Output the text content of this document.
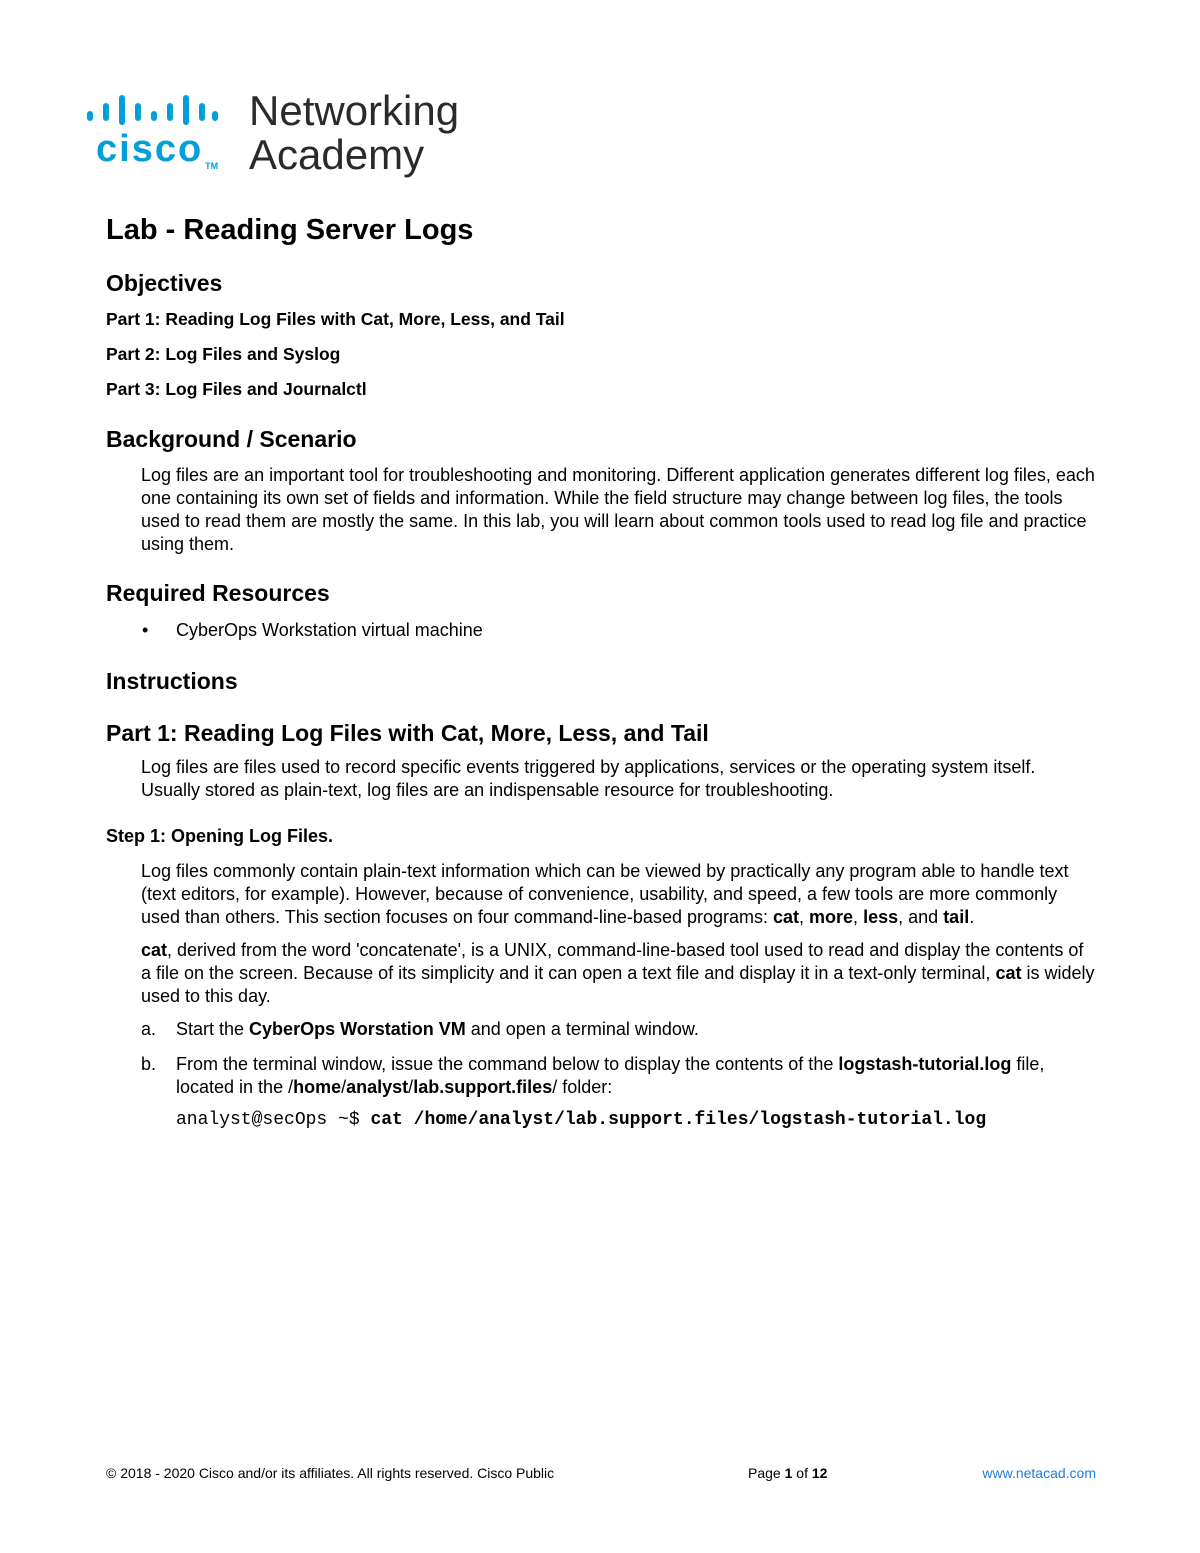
cisco TM
Networking
Academy
Lab - Reading Server Logs
Objectives

Part 1: Reading Log Files with Cat, More, Less, and Tail

Part 2: Log Files and Syslog

Part 3: Log Files and Journalctl

Background / Scenario

Log files are an important tool for troubleshooting and monitoring. Different application generates different log files, each one containing its own set of fields and information. While the field structure may change between log files, the tools used to read them are mostly the same. In this lab, you will learn about common tools used to read log file and practice using them.

Required Resources
• CyberOps Workstation virtual machine
Instructions
Part 1: Reading Log Files with Cat, More, Less, and Tail

Log files are files used to record specific events triggered by applications, services or the operating system itself. Usually stored as plain-text, log files are an indispensable resource for troubleshooting.

Step 1: Opening Log Files.

Log files commonly contain plain-text information which can be viewed by practically any program able to handle text (text editors, for example). However, because of convenience, usability, and speed, a few tools are more commonly used than others. This section focuses on four command-line-based programs: cat, more, less, and tail.

cat, derived from the word 'concatenate', is a UNIX, command-line-based tool used to read and display the contents of a file on the screen. Because of its simplicity and it can open a text file and display it in a text-only terminal, cat is widely used to this day.

a. Start the CyberOps Worstation VM and open a terminal window.
b. From the terminal window, issue the command below to display the contents of the logstash-tutorial.log file, located in the /home/analyst/lab.support.files/ folder:
analyst@secOps ~$ cat /home/analyst/lab.support.files/logstash-tutorial.log
© 2018 - 2020 Cisco and/or its affiliates. All rights reserved. Cisco Public	Page 1 of 12	www.netacad.com
